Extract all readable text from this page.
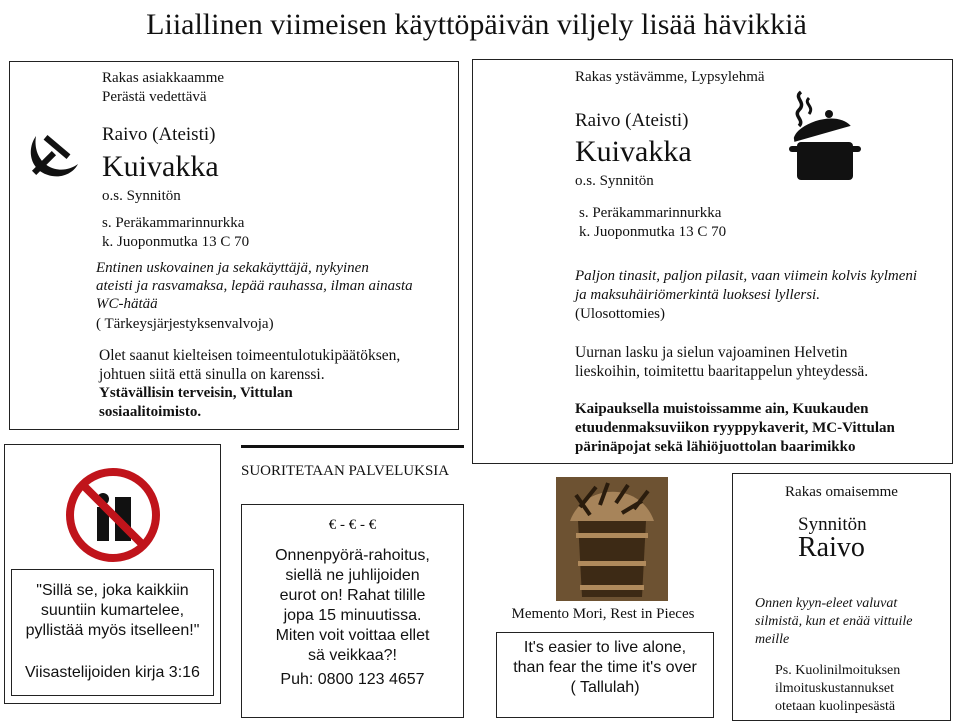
Liiallinen viimeisen käyttöpäivän viljely lisää hävikkiä
Rakas asiakkaamme
Perästä vedettävä
Raivo (Ateisti)
Kuivakka
o.s. Synnitön
s. Peräkammarinnurkka
k. Juoponmutka 13 C 70
Entinen uskovainen ja sekakäyttäjä, nykyinen
ateisti ja rasvamaksa, lepää rauhassa, ilman ainasta
WC-hätää
( Tärkeysjärjestyksenvalvoja)
Olet saanut kielteisen toimeentulotukipäätöksen,
johtuen siitä että sinulla on karenssi.
Ystävällisin terveisin, Vittulan
sosiaalitoimisto.
Rakas ystävämme, Lypsylehmä
Raivo (Ateisti)
Kuivakka
o.s. Synnitön
s. Peräkammarinnurkka
k. Juoponmutka 13 C 70
Paljon tinasit, paljon pilasit, vaan viimein kolvis kylmeni
ja maksuhäiriömerkintä luoksesi lyllersi.
(Ulosottomies)
Uurnan lasku ja sielun vajoaminen Helvetin
lieskoihin, toimitettu baaritappelun yhteydessä.
Kaipauksella muistoissamme ain, Kuukauden
etuudenmaksuviikon ryyppykaverit, MC-Vittulan
pärinäpojat sekä lähiöjuottolan baarimikko
"Sillä se, joka kaikkiin
suuntiin kumartelee,
pyllistää myös itselleen!"
Viisastelijoiden kirja 3:16
SUORITETAAN PALVELUKSIA
€ - € - €
Onnenpyörä-rahoitus,
siellä ne juhlijoiden
eurot on! Rahat tilille
jopa 15 minuutissa.
Miten voit voittaa ellet
sä veikkaa?!
Puh: 0800 123 4657
Memento Mori, Rest in Pieces
It's easier to live alone,
than fear the time it's over
( Tallulah)
Rakas omaisemme
Synnitön
Raivo
Onnen kyyn-eleet valuvat
silmistä, kun et enää vittuile
meille
Ps. Kuolinilmoituksen
ilmoituskustannukset
otetaan kuolinpesästä
